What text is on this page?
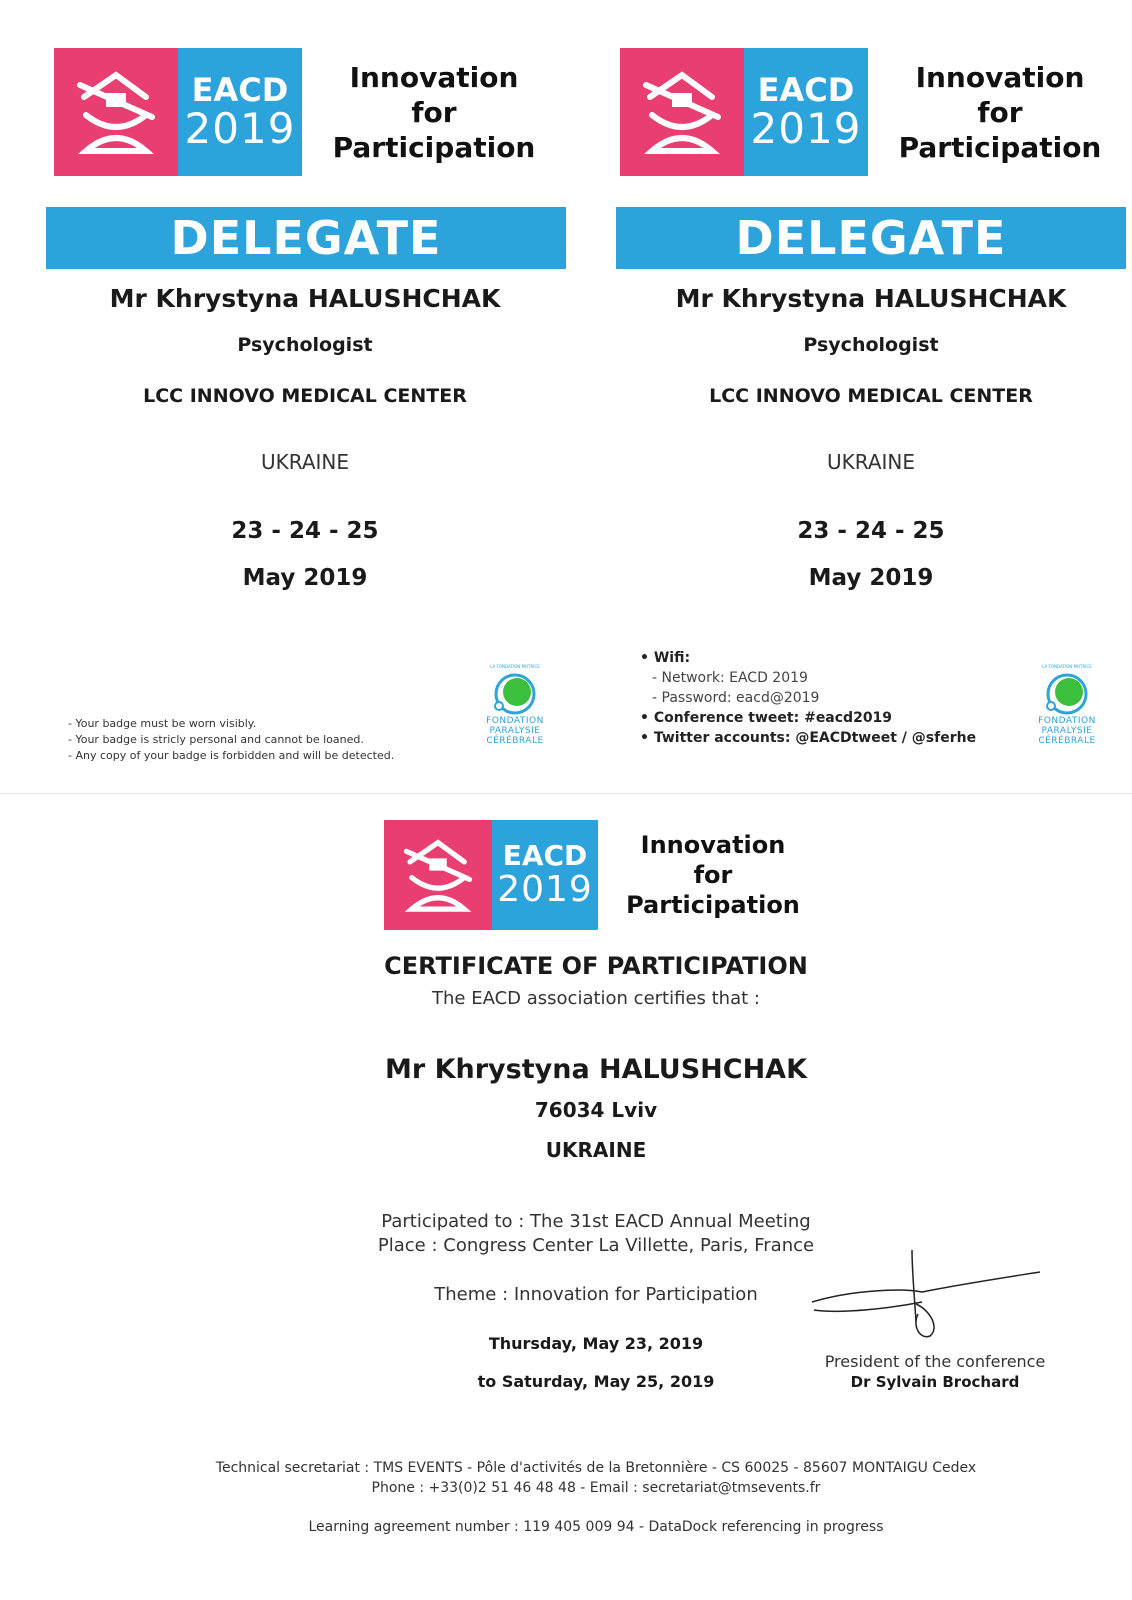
EACD
2019
Innovation
for Participation
DELEGATE
Mr Khrystyna HALUSHCHAK
Psychologist
LCC INNOVO MEDICAL CENTER
UKRAINE
23 - 24 - 25
May 2019
- Your badge must be worn visibly.
- Your badge is stricly personal and cannot be loaned.
- Any copy of your badge is forbidden and will be detected.
LA FONDATION MOTRICE
FONDATION
PARALYSIE
CÉRÉBRALE
EACD
2019
Innovation
for Participation
DELEGATE
Mr Khrystyna HALUSHCHAK
Psychologist
LCC INNOVO MEDICAL CENTER
UKRAINE
23 - 24 - 25
May 2019
LA FONDATION MOTRICE
FONDATION
PARALYSIE
CÉRÉBRALE
• Wifi:
- Network: EACD 2019
- Password: eacd@2019
• Conference tweet: #eacd2019
• Twitter accounts: @EACDtweet / @sferhe
EACD
2019
Innovation
for Participation
CERTIFICATE OF PARTICIPATION
The EACD association certifies that :
Mr Khrystyna HALUSHCHAK
76034 Lviv
UKRAINE
Participated to : The 31st EACD Annual Meeting
Place : Congress Center La Villette, Paris, France
Theme : Innovation for Participation
Thursday, May 23, 2019
to Saturday, May 25, 2019
President of the conference
Dr Sylvain Brochard
Technical secretariat : TMS EVENTS - Pôle d'activités de la Bretonnière - CS 60025 - 85607 MONTAIGU Cedex
Phone : +33(0)2 51 46 48 48 - Email : secretariat@tmsevents.fr
Learning agreement number : 119 405 009 94 - DataDock referencing in progress
